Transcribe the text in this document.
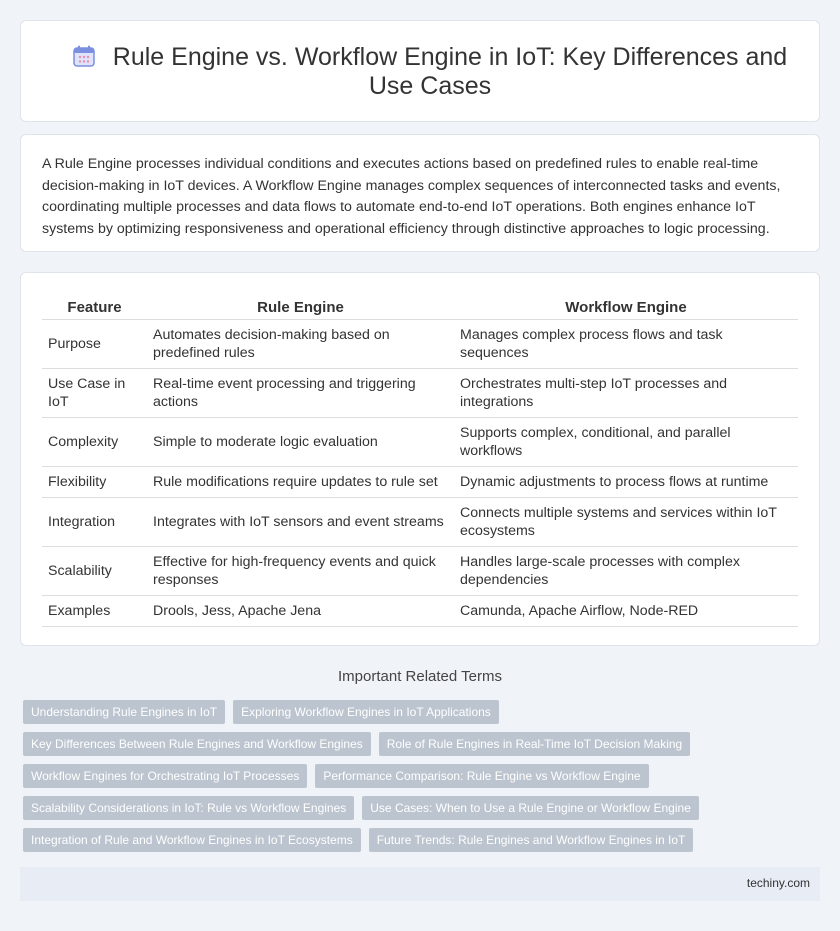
Rule Engine vs. Workflow Engine in IoT: Key Differences and Use Cases

A Rule Engine processes individual conditions and executes actions based on predefined rules to enable real-time decision-making in IoT devices. A Workflow Engine manages complex sequences of interconnected tasks and events, coordinating multiple processes and data flows to automate end-to-end IoT operations. Both engines enhance IoT systems by optimizing responsiveness and operational efficiency through distinctive approaches to logic processing.

Feature	Rule Engine	Workflow Engine
Purpose	Automates decision-making based on predefined rules	Manages complex process flows and task sequences
Use Case in IoT	Real-time event processing and triggering actions	Orchestrates multi-step IoT processes and integrations
Complexity	Simple to moderate logic evaluation	Supports complex, conditional, and parallel workflows
Flexibility	Rule modifications require updates to rule set	Dynamic adjustments to process flows at runtime
Integration	Integrates with IoT sensors and event streams	Connects multiple systems and services within IoT ecosystems
Scalability	Effective for high-frequency events and quick responses	Handles large-scale processes with complex dependencies
Examples	Drools, Jess, Apache Jena	Camunda, Apache Airflow, Node-RED
Important Related Terms
Understanding Rule Engines in IoT	Exploring Workflow Engines in IoT Applications
Key Differences Between Rule Engines and Workflow Engines	Role of Rule Engines in Real-Time IoT Decision Making
Workflow Engines for Orchestrating IoT Processes	Performance Comparison: Rule Engine vs Workflow Engine
Scalability Considerations in IoT: Rule vs Workflow Engines	Use Cases: When to Use a Rule Engine or Workflow Engine
Integration of Rule and Workflow Engines in IoT Ecosystems	Future Trends: Rule Engines and Workflow Engines in IoT
techiny.com
